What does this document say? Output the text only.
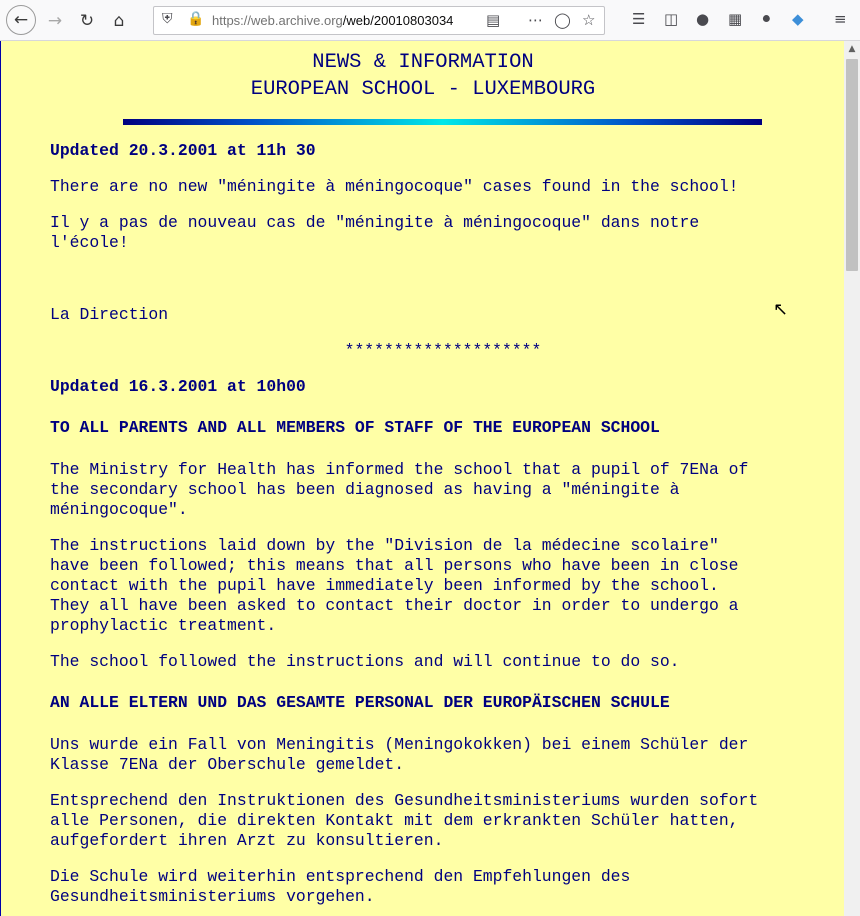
←	→	↻	⌂	⛨ 🔒 https://web.archive.org/web/20010803034	▤ ⋯ ◯ ☆ ☰ ◫ ● ▦ ⚫ ◆ ≡

NEWS & INFORMATION

EUROPEAN SCHOOL - LUXEMBOURG

Updated 20.3.2001 at 11h 30

There are no new "méningite à méningocoque" cases found in the school!

Il y a pas de nouveau cas de "méningite à méningocoque" dans notre

l'école!

La Direction

********************

Updated 16.3.2001 at 10h00

TO ALL PARENTS AND ALL MEMBERS OF STAFF OF THE EUROPEAN SCHOOL

The Ministry for Health has informed the school that a pupil of 7ENa of

the secondary school has been diagnosed as having a "méningite à

méningocoque".

The instructions laid down by the "Division de la médecine scolaire"

have been followed; this means that all persons who have been in close

contact with the pupil have immediately been informed by the school.

They all have been asked to contact their doctor in order to undergo a

prophylactic treatment.

The school followed the instructions and will continue to do so.

AN ALLE ELTERN UND DAS GESAMTE PERSONAL DER EUROPÄISCHEN SCHULE

Uns wurde ein Fall von Meningitis (Meningokokken) bei einem Schüler der

Klasse 7ENa der Oberschule gemeldet.

Entsprechend den Instruktionen des Gesundheitsministeriums wurden sofort

alle Personen, die direkten Kontakt mit dem erkrankten Schüler hatten,

aufgefordert ihren Arzt zu konsultieren.

Die Schule wird weiterhin entsprechend den Empfehlungen des

Gesundheitsministeriums vorgehen.

↖
▲
